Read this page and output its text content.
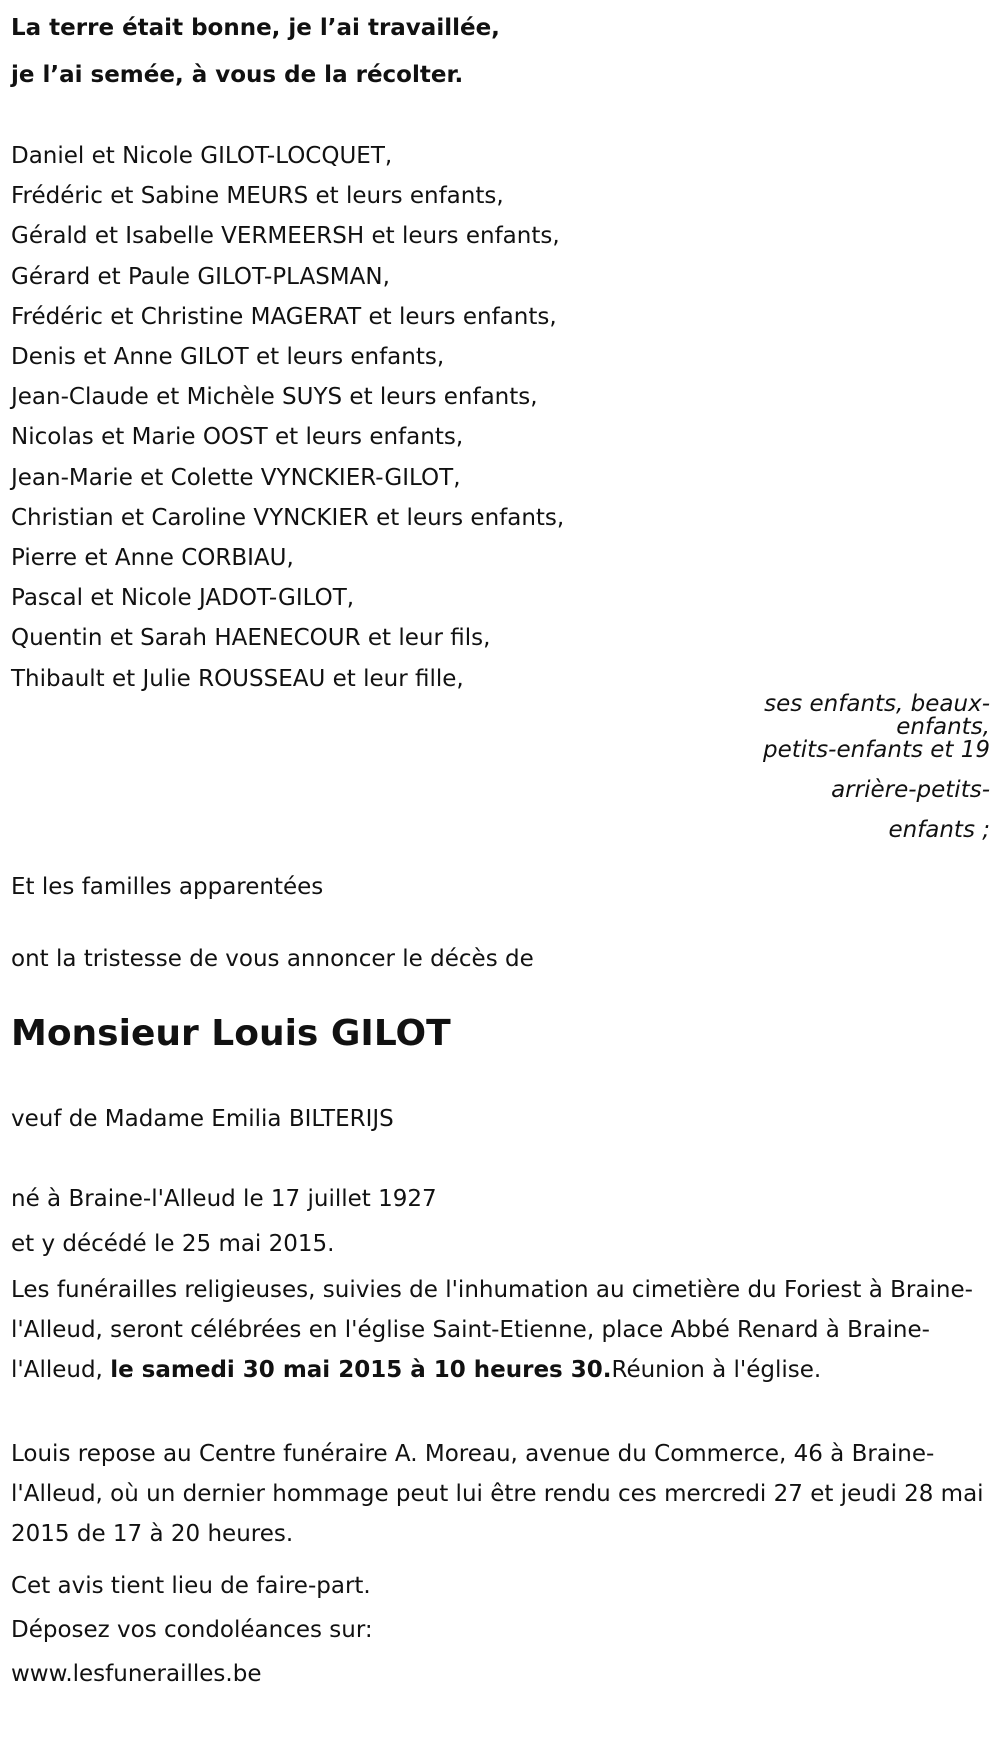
La terre était bonne, je l’ai travaillée,
je l’ai semée, à vous de la récolter.
Daniel et Nicole GILOT-LOCQUET,
Frédéric et Sabine MEURS et leurs enfants,
Gérald et Isabelle VERMEERSH et leurs enfants,
Gérard et Paule GILOT-PLASMAN,
Frédéric et Christine MAGERAT et leurs enfants,
Denis et Anne GILOT et leurs enfants,
Jean-Claude et Michèle SUYS et leurs enfants,
Nicolas et Marie OOST et leurs enfants,
Jean-Marie et Colette VYNCKIER-GILOT,
Christian et Caroline VYNCKIER et leurs enfants,
Pierre et Anne CORBIAU,
Pascal et Nicole JADOT-GILOT,
Quentin et Sarah HAENECOUR et leur fils,
Thibault et Julie ROUSSEAU et leur fille,
ses enfants, beaux-
enfants,
petits-enfants et 19
arrière-petits-
enfants ;
Et les familles apparentées
ont la tristesse de vous annoncer le décès de
Monsieur Louis GILOT
veuf de Madame Emilia BILTERIJS
né à Braine-l'Alleud le 17 juillet 1927
et y décédé le 25 mai 2015.
Les funérailles religieuses, suivies de l'inhumation au cimetière du Foriest à Braine-l'Alleud, seront célébrées en l'église Saint-Etienne, place Abbé Renard à Braine-l'Alleud, le samedi 30 mai 2015 à 10 heures 30.Réunion à l'église.
Louis repose au Centre funéraire A. Moreau, avenue du Commerce, 46 à Braine-l'Alleud, où un dernier hommage peut lui être rendu ces mercredi 27 et jeudi 28 mai 2015 de 17 à 20 heures.
Cet avis tient lieu de faire-part.
Déposez vos condoléances sur:
www.lesfunerailles.be
